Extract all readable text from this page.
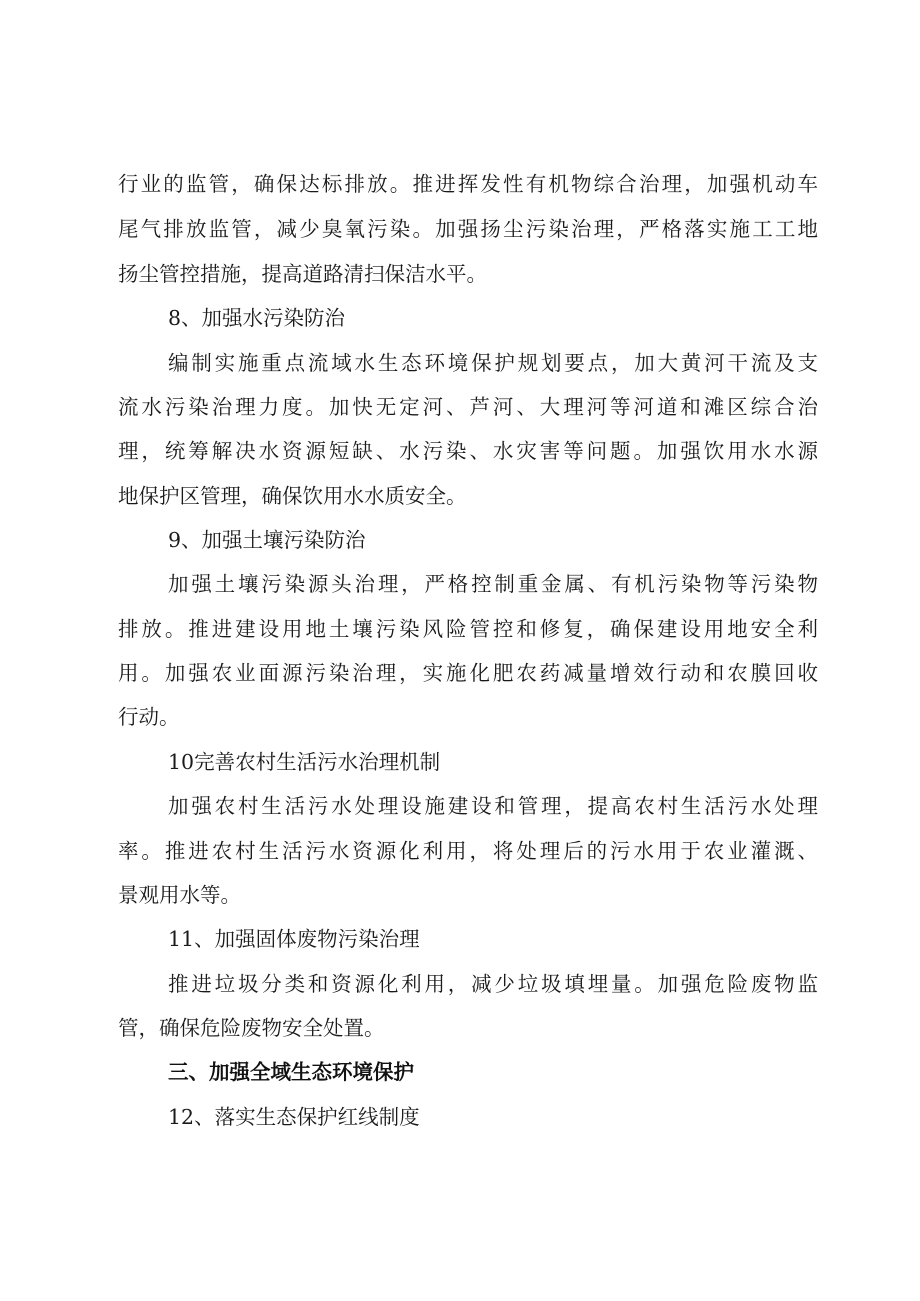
行业的监管，确保达标排放。推进挥发性有机物综合治理，加强机动车
尾气排放监管，减少臭氧污染。加强扬尘污染治理，严格落实施工工地
扬尘管控措施，提高道路清扫保洁水平。
8、加强水污染防治
编制实施重点流域水生态环境保护规划要点，加大黄河干流及支
流水污染治理力度。加快无定河、芦河、大理河等河道和滩区综合治
理，统筹解决水资源短缺、水污染、水灾害等问题。加强饮用水水源
地保护区管理，确保饮用水水质安全。
9、加强土壤污染防治
加强土壤污染源头治理，严格控制重金属、有机污染物等污染物
排放。推进建设用地土壤污染风险管控和修复，确保建设用地安全利
用。加强农业面源污染治理，实施化肥农药减量增效行动和农膜回收
行动。
10完善农村生活污水治理机制
加强农村生活污水处理设施建设和管理，提高农村生活污水处理
率。推进农村生活污水资源化利用，将处理后的污水用于农业灌溉、
景观用水等。
11、加强固体废物污染治理
推进垃圾分类和资源化利用，减少垃圾填埋量。加强危险废物监
管，确保危险废物安全处置。
三、加强全域生态环境保护
12、落实生态保护红线制度
